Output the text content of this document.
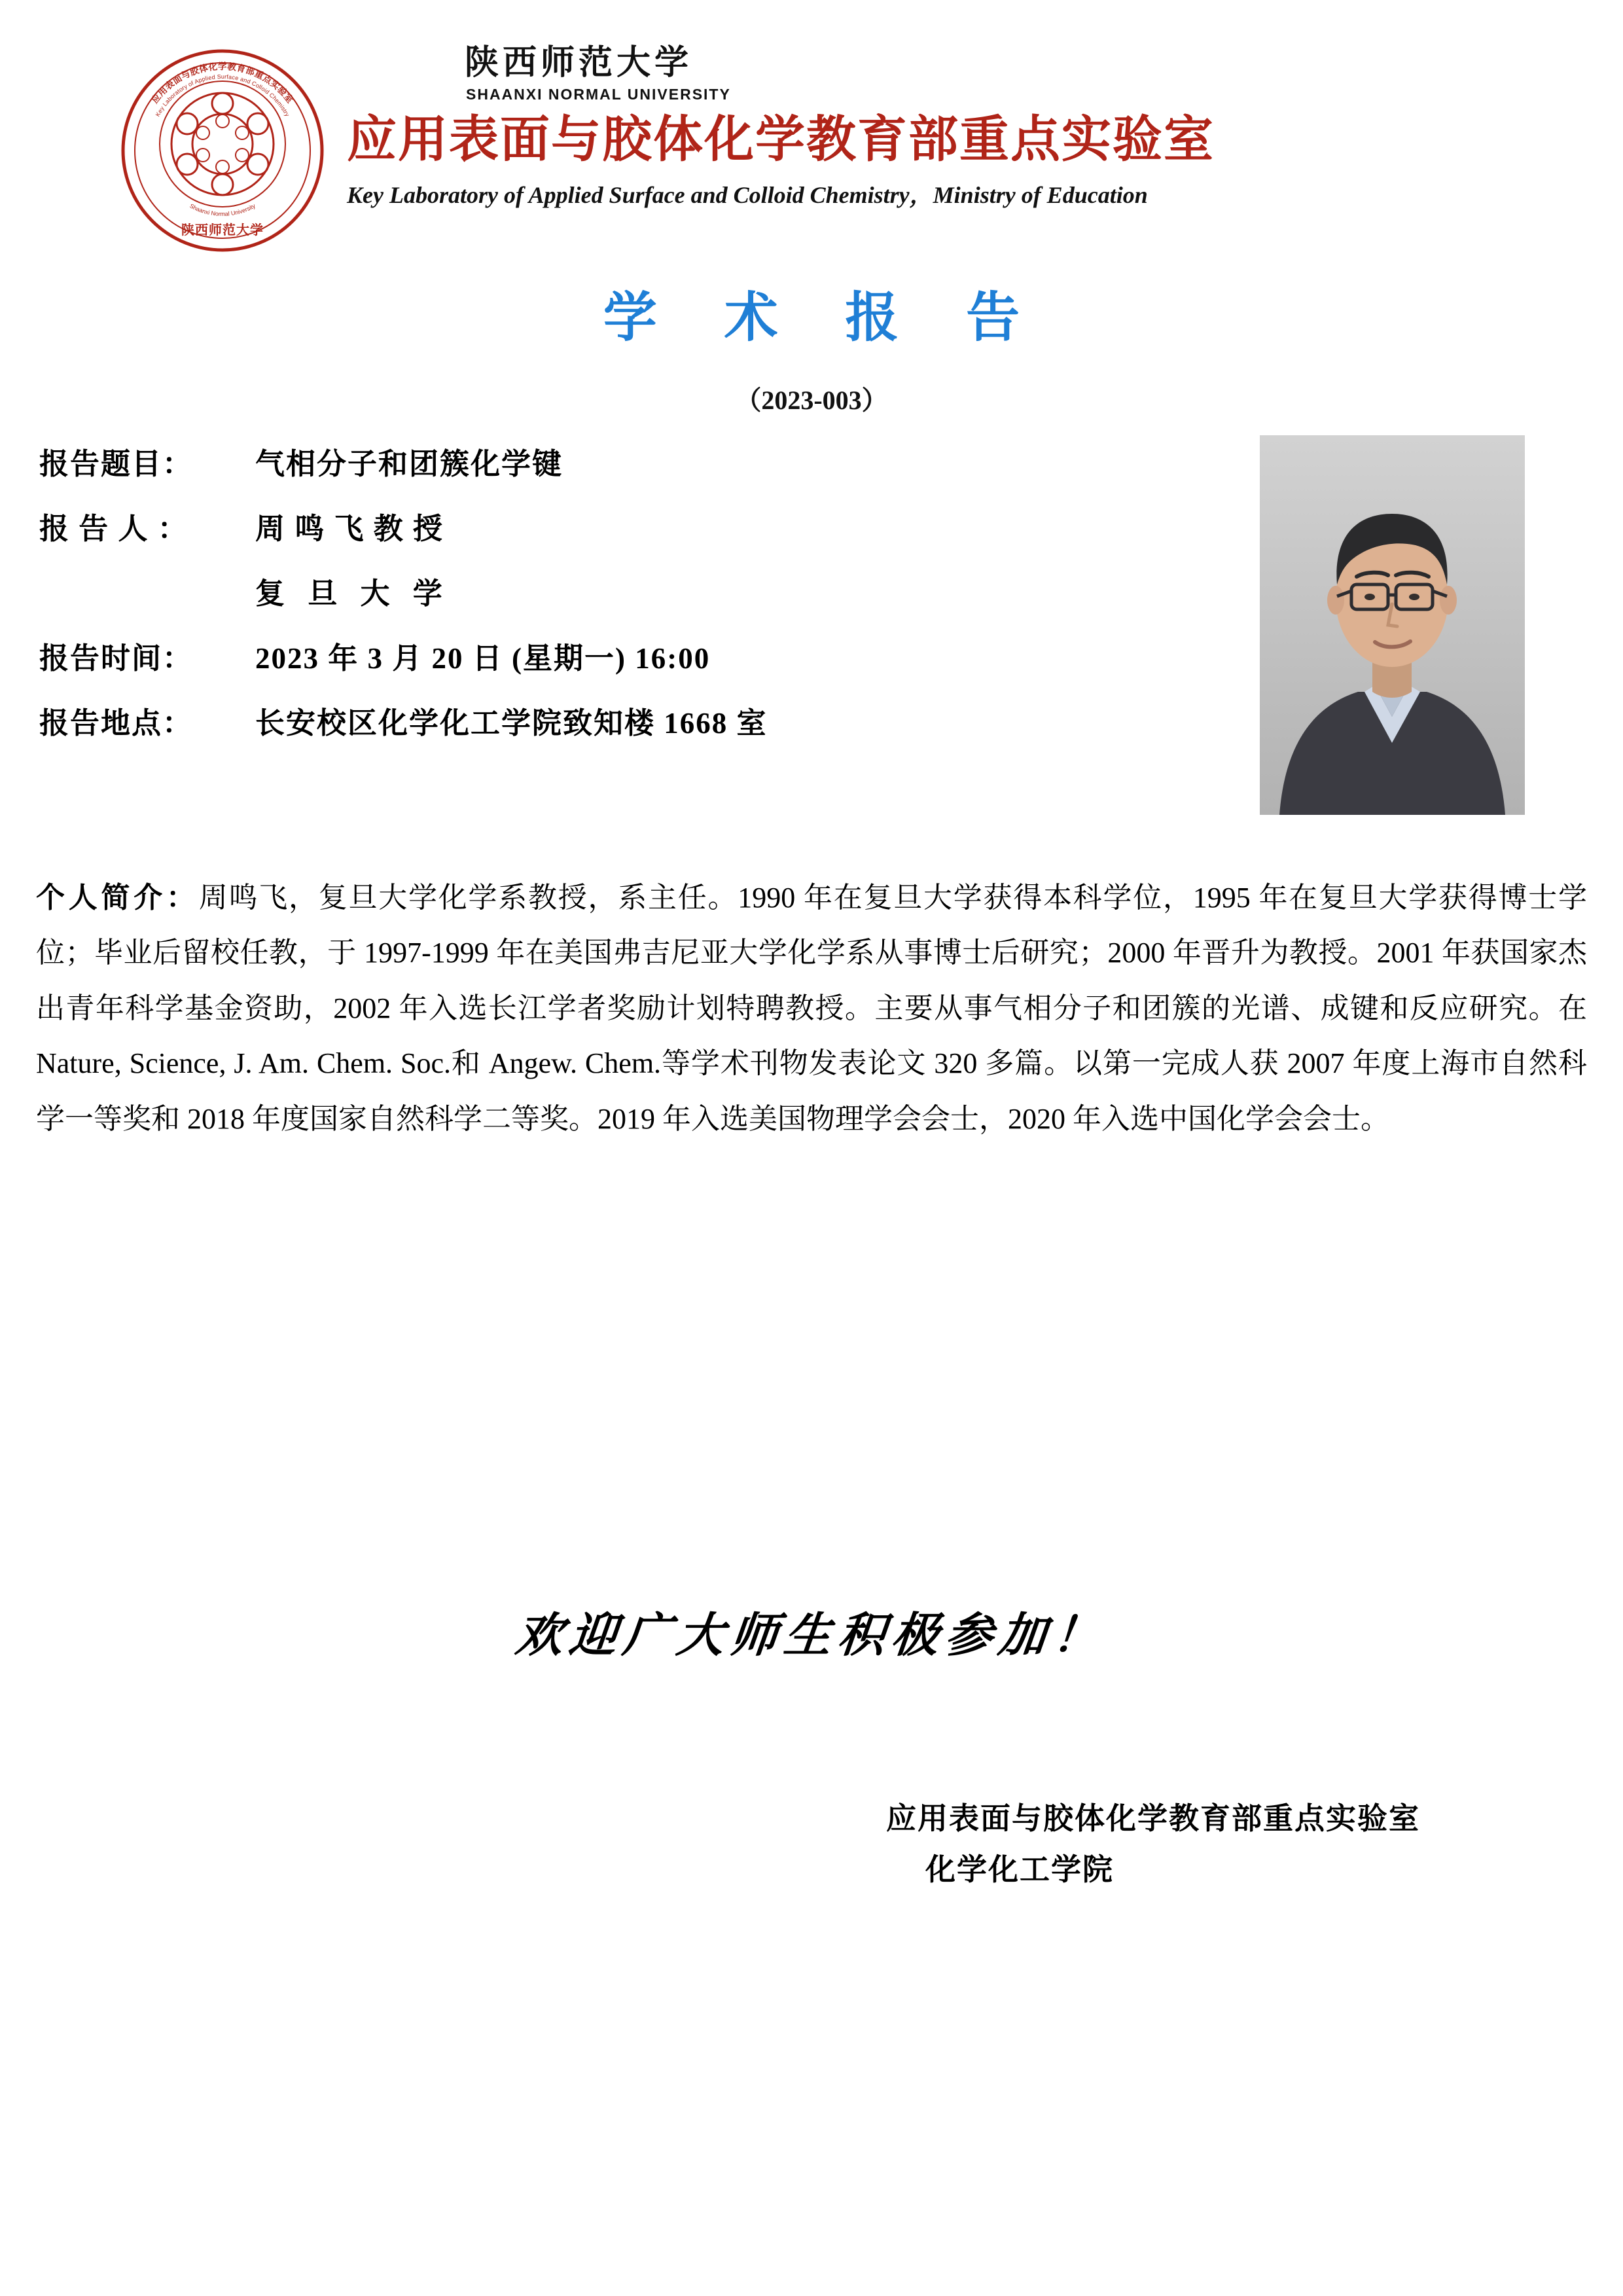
应用表面与胶体化学教育部重点实验室
Key Laboratory of Applied Surface and Colloid Chemistry
Shaanxi Normal University
陕西师范大学
陕西师范大学
SHAANXI NORMAL UNIVERSITY
应用表面与胶体化学教育部重点实验室
Key Laboratory of Applied Surface and Colloid Chemistry，Ministry of Education
学 术 报 告
（2023-003）
报告题目：	气相分子和团簇化学键
报 告 人 ：	周 鸣 飞 教 授
复 旦 大 学
报告时间：	2023 年 3 月 20 日 (星期一) 16:00
报告地点：	长安校区化学化工学院致知楼 1668 室
个人简介：周鸣飞，复旦大学化学系教授，系主任。1990 年在复旦大学获得本科学位，1995 年在复旦大学获得博士学位；毕业后留校任教，于 1997-1999 年在美国弗吉尼亚大学化学系从事博士后研究；2000 年晋升为教授。2001 年获国家杰出青年科学基金资助，2002 年入选长江学者奖励计划特聘教授。主要从事气相分子和团簇的光谱、成键和反应研究。在 Nature, Science, J. Am. Chem. Soc.和 Angew. Chem.等学术刊物发表论文 320 多篇。以第一完成人获 2007 年度上海市自然科学一等奖和 2018 年度国家自然科学二等奖。2019 年入选美国物理学会会士，2020 年入选中国化学会会士。
欢迎广大师生积极参加！
应用表面与胶体化学教育部重点实验室
化学化工学院
